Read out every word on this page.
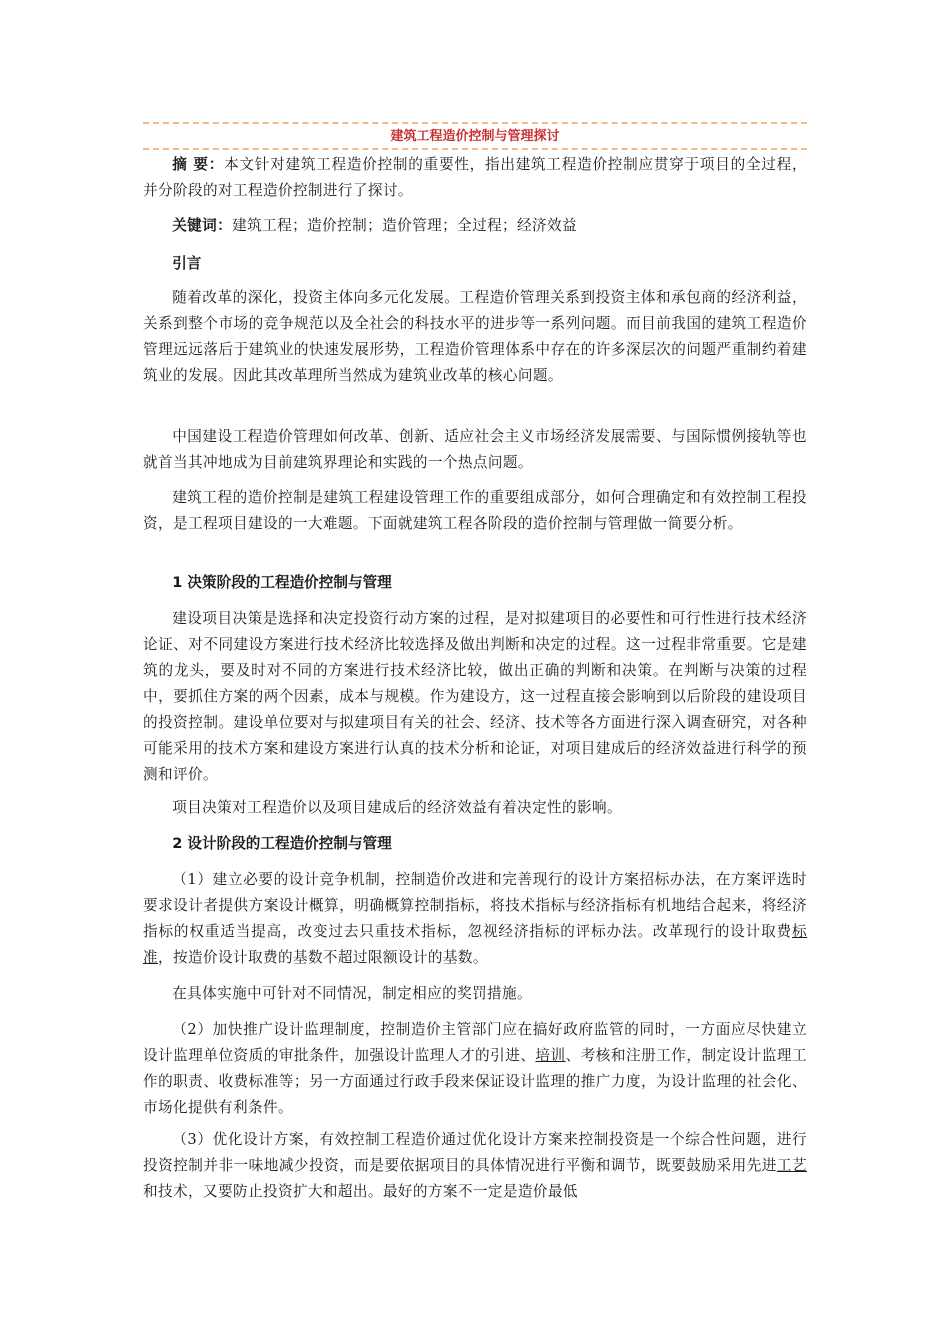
建筑工程造价控制与管理探讨

摘 要：本文针对建筑工程造价控制的重要性，指出建筑工程造价控制应贯穿于项目的全过程， 并分阶段的对工程造价控制进行了探讨。

关键词：建筑工程；造价控制；造价管理；全过程；经济效益

引言

随着改革的深化，投资主体向多元化发展。工程造价管理关系到投资主体和承包商的经济利益，关系到整个市场的竞争规范以及全社会的科技水平的进步等一系列问题。而目前我国的建筑工程造价管理远远落后于建筑业的快速发展形势，工程造价管理体系中存在的许多深层次的问题严重制约着建筑业的发展。因此其改革理所当然成为建筑业改革的核心问题。

中国建设工程造价管理如何改革、创新、适应社会主义市场经济发展需要、与国际惯例接轨等也就首当其冲地成为目前建筑界理论和实践的一个热点问题。

建筑工程的造价控制是建筑工程建设管理工作的重要组成部分，如何合理确定和有效控制工程投资，是工程项目建设的一大难题。下面就建筑工程各阶段的造价控制与管理做一简要分析。

1 决策阶段的工程造价控制与管理

建设项目决策是选择和决定投资行动方案的过程，是对拟建项目的必要性和可行性进行技术经济论证、对不同建设方案进行技术经济比较选择及做出判断和决定的过程。这一过程非常重要。它是建筑的龙头，要及时对不同的方案进行技术经济比较，做出正确的判断和决策。在判断与决策的过程中，要抓住方案的两个因素，成本与规模。作为建设方，这一过程直接会影响到以后阶段的建设项目的投资控制。建设单位要对与拟建项目有关的社会、经济、技术等各方面进行深入调查研究，对各种可能采用的技术方案和建设方案进行认真的技术分析和论证，对项目建成后的经济效益进行科学的预测和评价。

项目决策对工程造价以及项目建成后的经济效益有着决定性的影响。

2 设计阶段的工程造价控制与管理

（1）建立必要的设计竞争机制，控制造价改进和完善现行的设计方案招标办法，在方案评选时要求设计者提供方案设计概算，明确概算控制指标，将技术指标与经济指标有机地结合起来，将经济指标的权重适当提高，改变过去只重技术指标，忽视经济指标的评标办法。改革现行的设计取费标准，按造价设计取费的基数不超过限额设计的基数。

在具体实施中可针对不同情况，制定相应的奖罚措施。

（2）加快推广设计监理制度，控制造价主管部门应在搞好政府监管的同时，一方面应尽快建立设计监理单位资质的审批条件，加强设计监理人才的引进、培训、考核和注册工作，制定设计监理工作的职责、收费标准等；另一方面通过行政手段来保证设计监理的推广力度，为设计监理的社会化、市场化提供有利条件。

（3）优化设计方案，有效控制工程造价通过优化设计方案来控制投资是一个综合性问题，进行投资控制并非一味地减少投资，而是要依据项目的具体情况进行平衡和调节，既要鼓励采用先进工艺和技术，又要防止投资扩大和超出。最好的方案不一定是造价最低
